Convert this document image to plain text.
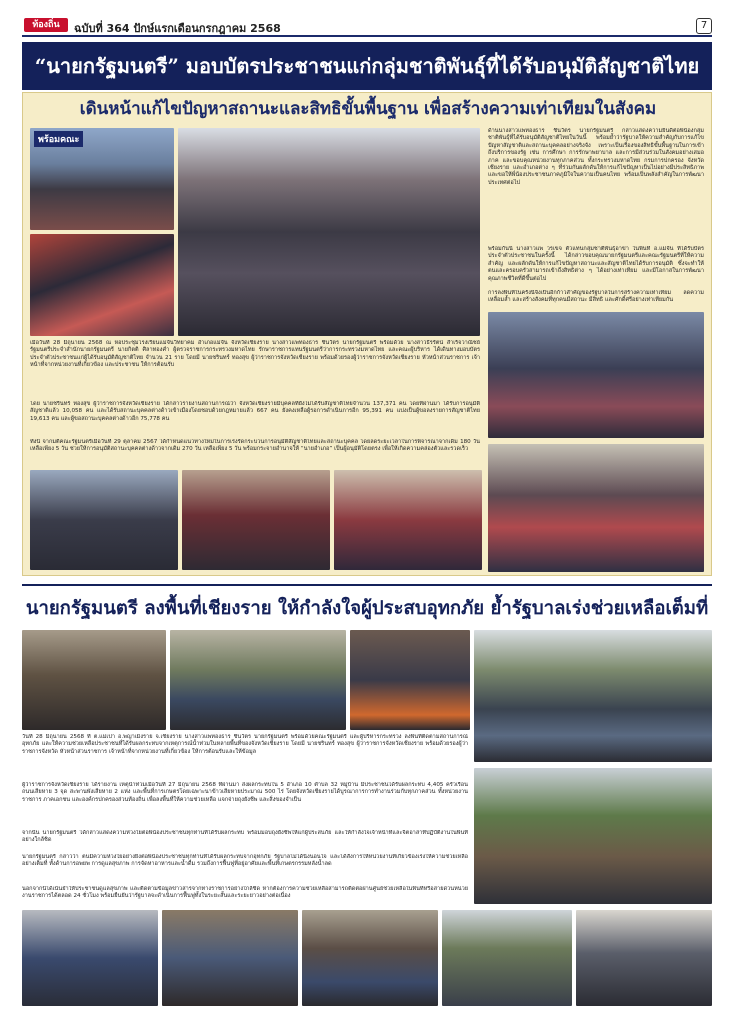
ท้องถิ่น	ฉบับที่ 364 ปักษ์แรกเดือนกรกฎาคม 2568	7
“นายกรัฐมนตรี” มอบบัตรประชาชนแก่กลุ่มชาติพันธุ์ที่ได้รับอนุมัติสัญชาติไทย
เดินหน้าแก้ไขปัญหาสถานะและสิทธิขั้นพื้นฐาน เพื่อสร้างความเท่าเทียมในสังคม
พร้อมคณะ
ด้านนางสาวแพทองธาร ชินวัตร นายกรัฐมนตรี กล่าวแสดงความยินดีต่อพี่น้องกลุ่มชาติพันธุ์ที่ได้รับอนุมัติสัญชาติไทยในวันนี้ พร้อมย้ำว่ารัฐบาลให้ความสำคัญกับการแก้ไขปัญหาสัญชาติและสถานะบุคคลอย่างจริงจัง เพราะเป็นเรื่องของสิทธิขั้นพื้นฐานในการเข้าถึงบริการของรัฐ เช่น การศึกษา การรักษาพยาบาล และการมีส่วนร่วมในสังคมอย่างเสมอภาค และขอบคุณหน่วยงานทุกภาคส่วน ทั้งกระทรวงมหาดไทย กรมการปกครอง จังหวัดเชียงราย และอำเภอต่าง ๆ ที่ร่วมกันผลักดันให้การแก้ไขปัญหาเป็นไปอย่างมีประสิทธิภาพ และขอให้พี่น้องประชาชนภาคภูมิใจในความเป็นคนไทย พร้อมเป็นพลังสำคัญในการพัฒนาประเทศต่อไป
พร้อมกันนี้ นางสาวแพ วรเขจ ตัวแทนกลุ่มชาติพันธุ์อาข่า ในพื้นที่ อ.แม่จัน ที่ได้รับบัตรประจำตัวประชาชนในครั้งนี้ ได้กล่าวขอบคุณนายกรัฐมนตรีและคณะรัฐมนตรีที่ให้ความสำคัญ และผลักดันให้การแก้ไขปัญหาสถานะและสัญชาติไทยได้รับการอนุมัติ ซึ่งจะทำให้ตนและครอบครัวสามารถเข้าถึงสิทธิต่าง ๆ ได้อย่างเท่าเทียม และมีโอกาสในการพัฒนาคุณภาพชีวิตที่ดีขึ้นต่อไป
การลงพื้นที่ในครั้งนี้จึงเป็นอีกก้าวสำคัญของรัฐบาลในการสร้างความเท่าเทียม ลดความเหลื่อมล้ำ และสร้างสังคมที่ทุกคนมีสถานะ มีสิทธิ และศักดิ์ศรีอย่างเท่าเทียมกัน
เมื่อวันที่ 28 มิถุนายน 2568 ณ หอประชุมโรงเรียนแม่จันวิทยาคม อำเภอแม่จัน จังหวัดเชียงราย นางสาวแพทองธาร ชินวัตร นายกรัฐมนตรี พร้อมด้วย นางสาวธีรรัตน์ สำเร็จวาณิชย์ รัฐมนตรีประจำสำนักนายกรัฐมนตรี นายกิตติ ศิลาทองคำ ผู้ตรวจราชการกระทรวงมหาดไทย รักษาราชการแทนรัฐมนตรีว่าการกระทรวงมหาดไทย และคณะผู้บริหาร ได้เดินทางมอบบัตรประจำตัวประชาชนแก่ผู้ได้รับอนุมัติสัญชาติไทย จำนวน 21 ราย โดยมี นายชรินทร์ ทองสุข ผู้ว่าราชการจังหวัดเชียงราย พร้อมด้วยรองผู้ว่าราชการจังหวัดเชียงราย หัวหน้าส่วนราชการ เจ้าหน้าที่จากหน่วยงานที่เกี่ยวข้อง และประชาชน ให้การต้อนรับ
โดย นายชรินทร์ ทองสุข ผู้ว่าราชการจังหวัดเชียงราย ได้กล่าวรายงานสถานการณ์ว่า จังหวัดเชียงรายมีบุคคลที่ยังไม่ได้รับสัญชาติไทยจำนวน 137,371 คน โดยที่ผ่านมา ได้รับการอนุมัติสัญชาติแล้ว 10,058 คน และได้รับสถานะบุคคลต่างด้าวเข้าเมืองโดยชอบด้วยกฎหมายแล้ว 667 คน ยังคงเหลือผู้รอการดำเนินการอีก 95,391 คน แบ่งเป็นผู้ขอลงรายการสัญชาติไทย 19,613 คน และผู้ขอสถานะบุคคลต่างด้าวอีก 75,778 คน
ทั้งนี้ จากมติคณะรัฐมนตรีเมื่อวันที่ 29 ตุลาคม 2567 ได้กำหนดแนวทางใหม่ในการเร่งรัดกระบวนการอนุมัติสัญชาติไทยและสถานะบุคคล โดยลดระยะเวลาในการพิจารณาจากเดิม 180 วัน เหลือเพียง 5 วัน ช่วยให้การอนุมัติสถานะบุคคลต่างด้าวจากเดิม 270 วัน เหลือเพียง 5 วัน พร้อมกระจายอำนาจให้ “นายอำเภอ” เป็นผู้อนุมัติโดยตรง เพื่อให้เกิดความคล่องตัวและรวดเร็ว
นายกรัฐมนตรี ลงพื้นที่เชียงราย ให้กำลังใจผู้ประสบอุทกภัย ย้ำรัฐบาลเร่งช่วยเหลือเต็มที่
วันที่ 28 มิถุนายน 2568 ที่ ต.แม่เปา อ.พญาเม็งราย จ.เชียงราย นางสาวแพทองธาร ชินวัตร นายกรัฐมนตรี พร้อมด้วยคณะรัฐมนตรี และผู้บริหารกระทรวง ลงพื้นที่ติดตามสถานการณ์อุทกภัย และให้ความช่วยเหลือประชาชนที่ได้รับผลกระทบจากเหตุการณ์น้ำท่วมในหลายพื้นที่ของจังหวัดเชียงราย โดยมี นายชรินทร์ ทองสุข ผู้ว่าราชการจังหวัดเชียงราย พร้อมด้วยรองผู้ว่าราชการจังหวัด หัวหน้าส่วนราชการ เจ้าหน้าที่จากหน่วยงานที่เกี่ยวข้อง ให้การต้อนรับและให้ข้อมูล
ผู้ว่าราชการจังหวัดเชียงราย ได้รายงาน เหตุน้ำท่วมเมื่อวันที่ 27 มิถุนายน 2568 ที่ผ่านมา ส่งผลกระทบใน 5 อำเภอ 10 ตำบล 32 หมู่บ้าน มีประชาชนได้รับผลกระทบ 4,405 ครัวเรือน ถนนเสียหาย 3 จุด สะพานพังเสียหาย 2 แห่ง และพื้นที่การเกษตรโดยเฉพาะนาข้าวเสียหายประมาณ 500 ไร่ โดยจังหวัดเชียงรายได้บูรณาการการทำงานร่วมกับทุกภาคส่วน ทั้งหน่วยงานราชการ ภาคเอกชน และองค์กรปกครองส่วนท้องถิ่น เพื่อลงพื้นที่ให้ความช่วยเหลือ แจกจ่ายถุงยังชีพ และสิ่งของจำเป็น
จากนั้น นายกรัฐมนตรี ได้กล่าวแสดงความห่วงใยต่อพี่น้องประชาชนทุกท่านที่ได้รับผลกระทบ พร้อมมอบถุงยังชีพให้แก่ผู้ประสบภัย และให้กำลังใจเจ้าหน้าที่และจิตอาสาที่ปฏิบัติงานในพื้นที่อย่างใกล้ชิด
นายกรัฐมนตรี กล่าวว่า ตนมีความห่วงใยอย่างยิ่งต่อพี่น้องประชาชนทุกท่านที่ได้รับผลกระทบจากอุทกภัย รัฐบาลไม่ได้นิ่งนอนใจ และได้สั่งการให้หน่วยงานที่เกี่ยวข้องเร่งให้ความช่วยเหลืออย่างเต็มที่ ทั้งด้านการอพยพ การดูแลสุขภาพ การจัดหาอาหารและน้ำดื่ม รวมถึงการฟื้นฟูที่อยู่อาศัยและพื้นที่เกษตรกรรมหลังน้ำลด
นอกจากนี้ได้เน้นย้ำให้ประชาชนดูแลสุขภาพ และติดตามข้อมูลข่าวสารจากทางราชการอย่างใกล้ชิด หากต้องการความช่วยเหลือสามารถติดต่อผ่านศูนย์ช่วยเหลือในพื้นที่หรือสายด่วนหน่วยงานราชการได้ตลอด 24 ชั่วโมง พร้อมยืนยันว่ารัฐบาลจะดำเนินการฟื้นฟูทั้งในระยะสั้นและระยะยาวอย่างต่อเนื่อง
